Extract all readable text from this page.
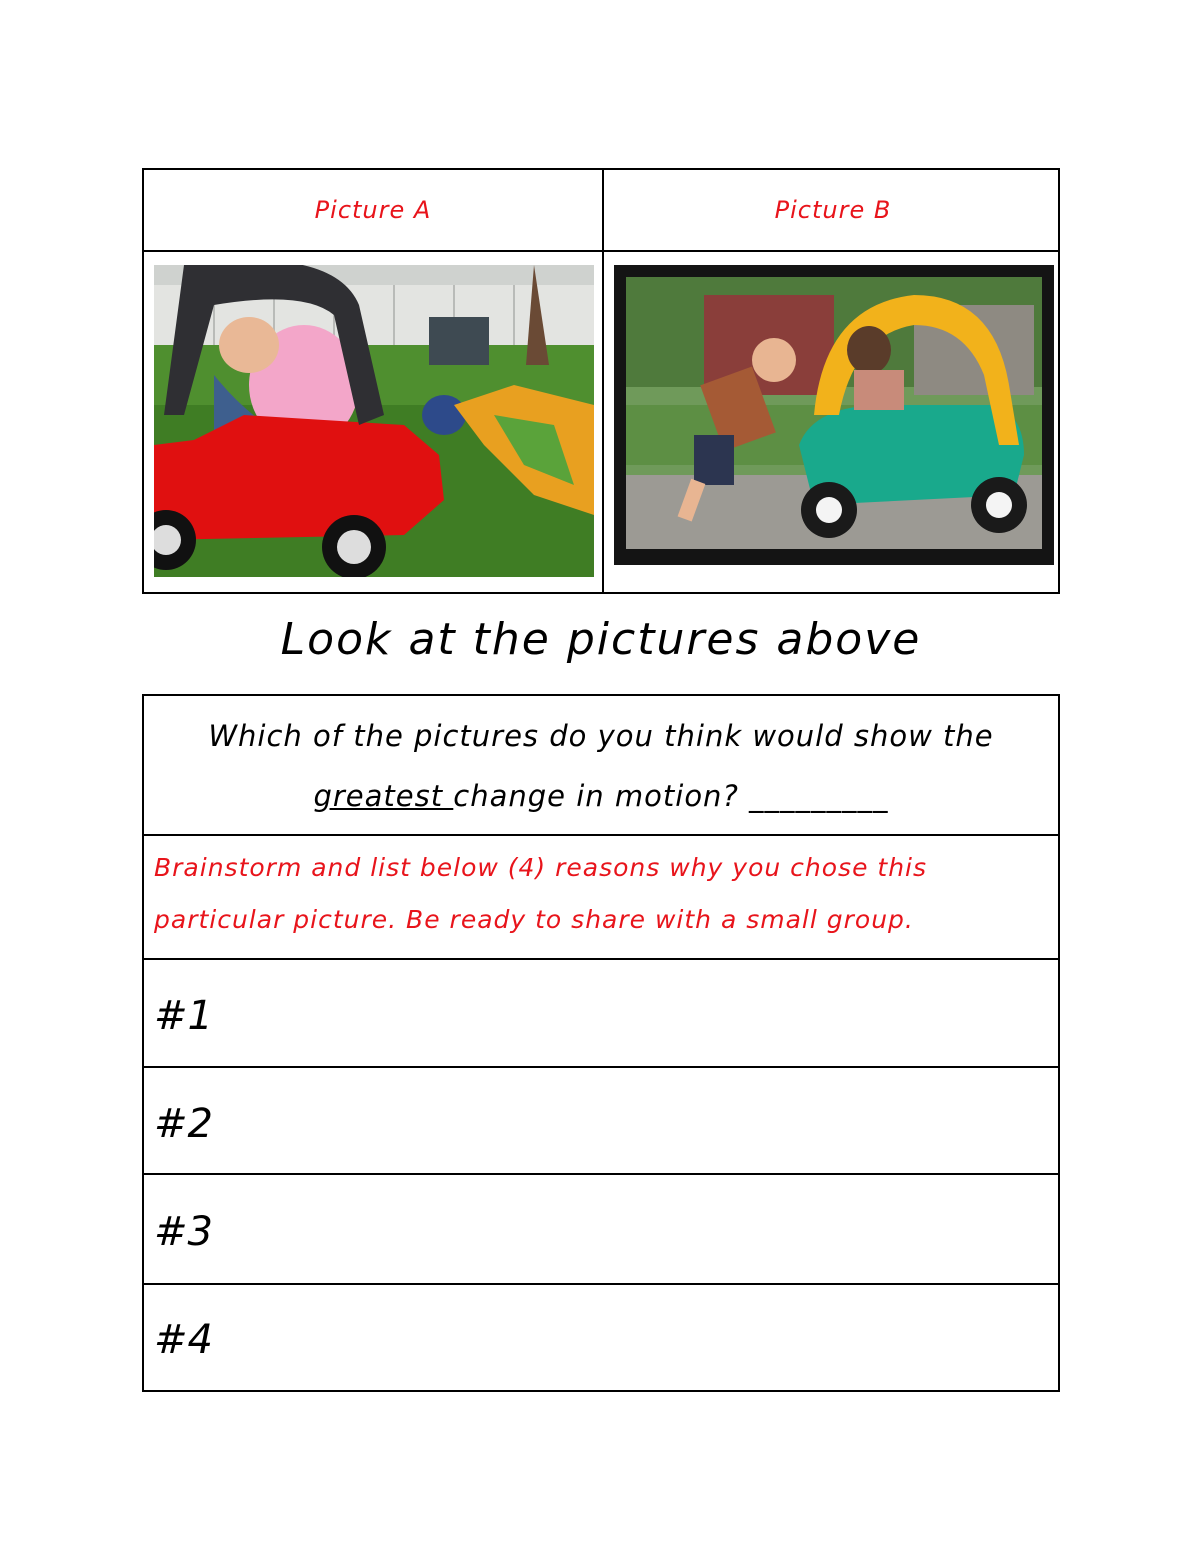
Picture A	Picture B
Look at the pictures above
Which of the pictures do you think would show the
greatest change in motion? _________
Brainstorm and list below (4) reasons why you chose this
particular picture. Be ready to share with a small group.
#1
#2
#3
#4
